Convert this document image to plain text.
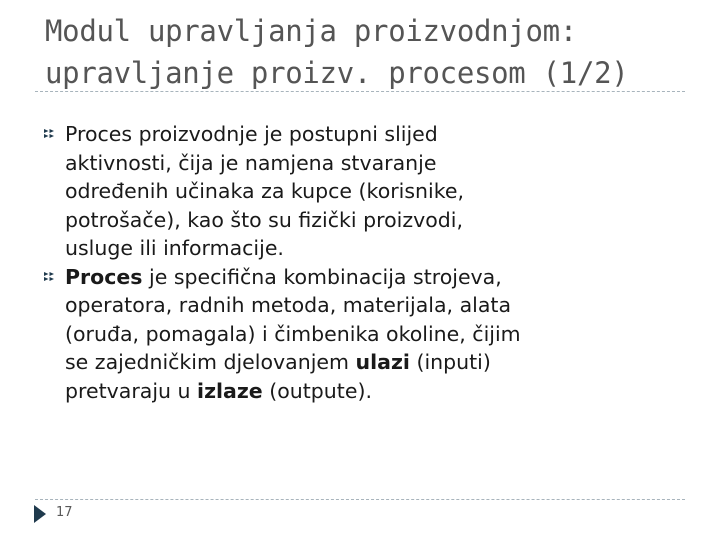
Modul upravljanja proizvodnjom:
upravljanje proizv. procesom (1/2)
Proces proizvodnje je postupni slijed
aktivnosti, čija je namjena stvaranje
određenih učinaka za kupce (korisnike,
potrošače), kao što su fizički proizvodi,
usluge ili informacije.
Proces je specifična kombinacija strojeva,
operatora, radnih metoda, materijala, alata
(oruđa, pomagala) i čimbenika okoline, čijim
se zajedničkim djelovanjem ulazi (inputi)
pretvaraju u izlaze (outpute).
17
